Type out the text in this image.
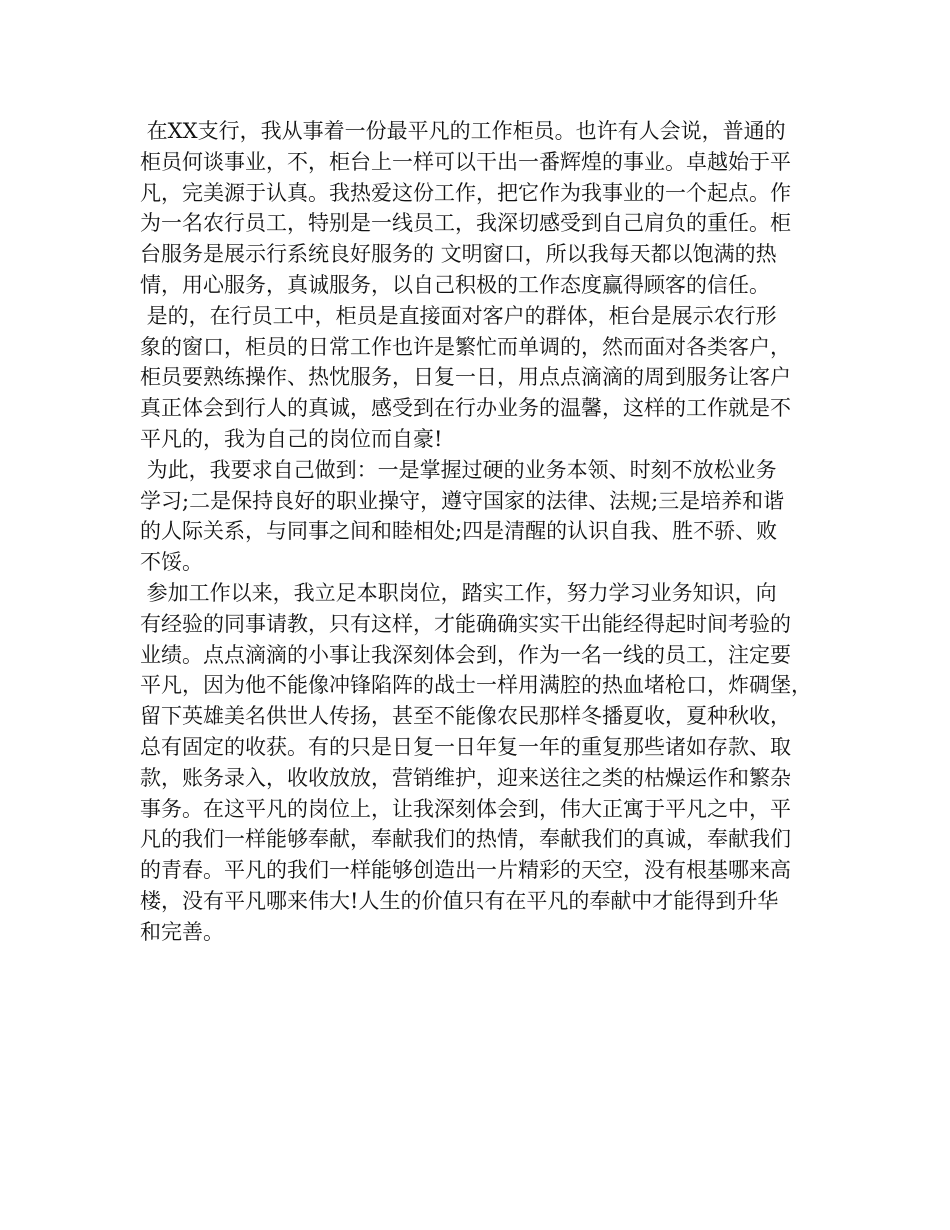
在XX支行，我从事着一份最平凡的工作柜员。也许有人会说，普通的
柜员何谈事业，不，柜台上一样可以干出一番辉煌的事业。卓越始于平
凡，完美源于认真。我热爱这份工作，把它作为我事业的一个起点。作
为一名农行员工，特别是一线员工，我深切感受到自己肩负的重任。柜
台服务是展示行系统良好服务的 文明窗口，所以我每天都以饱满的热
情，用心服务，真诚服务，以自己积极的工作态度赢得顾客的信任。
是的，在行员工中，柜员是直接面对客户的群体，柜台是展示农行形
象的窗口，柜员的日常工作也许是繁忙而单调的，然而面对各类客户，
柜员要熟练操作、热忱服务，日复一日，用点点滴滴的周到服务让客户
真正体会到行人的真诚，感受到在行办业务的温馨，这样的工作就是不
平凡的，我为自己的岗位而自豪!
为此，我要求自己做到：一是掌握过硬的业务本领、时刻不放松业务
学习;二是保持良好的职业操守，遵守国家的法律、法规;三是培养和谐
的人际关系，与同事之间和睦相处;四是清醒的认识自我、胜不骄、败
不馁。
参加工作以来，我立足本职岗位，踏实工作，努力学习业务知识，向
有经验的同事请教，只有这样，才能确确实实干出能经得起时间考验的
业绩。点点滴滴的小事让我深刻体会到，作为一名一线的员工，注定要
平凡，因为他不能像冲锋陷阵的战士一样用满腔的热血堵枪口，炸碉堡，
留下英雄美名供世人传扬，甚至不能像农民那样冬播夏收，夏种秋收，
总有固定的收获。有的只是日复一日年复一年的重复那些诸如存款、取
款，账务录入，收收放放，营销维护，迎来送往之类的枯燥运作和繁杂
事务。在这平凡的岗位上，让我深刻体会到，伟大正寓于平凡之中，平
凡的我们一样能够奉献，奉献我们的热情，奉献我们的真诚，奉献我们
的青春。平凡的我们一样能够创造出一片精彩的天空，没有根基哪来高
楼，没有平凡哪来伟大!人生的价值只有在平凡的奉献中才能得到升华
和完善。
